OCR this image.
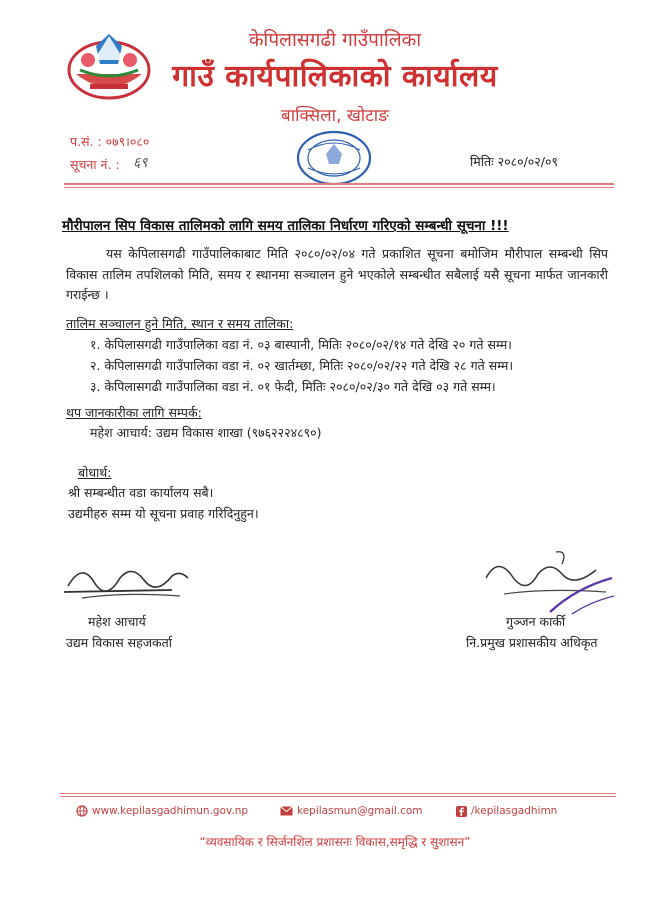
केपिलासगढी गाउँपालिका
गाउँ कार्यपालिकाको कार्यालय
बाक्सिला, खोटाङ
प.सं. : ०७९।०८०
सूचना नं. : ६९	मितिः २०८०/०२/०९
मौरीपालन सिप विकास तालिमको लागि समय तालिका निर्धारण गरिएको सम्बन्धी सूचना !!!
यस केपिलासगढी गाउँपालिकाबाट मिति २०८०/०२/०४ गते प्रकाशित सूचना बमोजिम मौरीपाल सम्बन्धी सिप विकास तालिम तपशिलको मिति, समय र स्थानमा सञ्चालन हुने भएकोले सम्बन्धीत सबैलाई यसै सूचना मार्फत जानकारी गराईन्छ ।
तालिम सञ्चालन हुने मिति, स्थान र समय तालिका:
१. केपिलासगढी गाउँपालिका वडा नं. ०३ बास्पानी, मितिः २०८०/०२/१४ गते देखि २० गते सम्म।
२. केपिलासगढी गाउँपालिका वडा नं. ०२ खार्तम्छा, मितिः २०८०/०२/२२ गते देखि २८ गते सम्म।
३. केपिलासगढी गाउँपालिका वडा नं. ०१ फेदी, मितिः २०८०/०२/३० गते देखि ०३ गते सम्म।
थप जानकारीका लागि सम्पर्क:
महेश आचार्य: उद्यम विकास शाखा (९७६२२२४८९०)
बोधार्थ:
श्री सम्बन्धीत वडा कार्यालय सबै।
उद्यमीहरु सम्म यो सूचना प्रवाह गरिदिनुहुन।
महेश आचार्य
उद्यम विकास सहजकर्ता
गुञ्जन कार्की
नि.प्रमुख प्रशासकीय अधिकृत
www.kepilasgadhimun.gov.np	kepilasmun@gmail.com	/kepilasgadhimn
“व्यवसायिक र सिर्जनशिल प्रशासनः विकास,समृद्धि र सुशासन”
